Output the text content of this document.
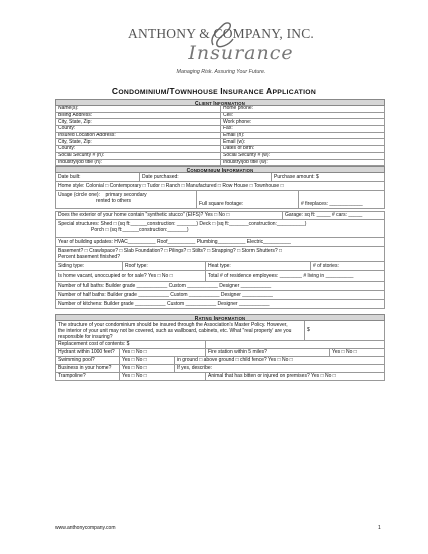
ANTHONY & COMPANY, INC.
Insurance
Managing Risk. Assuring Your Future.
CONDOMINIUM/TOWNHOUSE INSURANCE APPLICATION
CLIENT INFORMATION
Name(s):	Home phone:
Billing Address:	Cell:
City, State, Zip:	Work phone:
County:	Fax:
Insured Location Address:	Email (h):
City, State, Zip:	Email (w):
County:	Dates of birth:
Social Security # (h):	Social Security # (w):
Industry/job title (h):	Industry/job title (w):
CONDOMINIUM INFORMATION
Date built:	Date purchased:	Purchase amount: $
Home style: Colonial □ Contemporary □ Tudor □ Ranch □ Manufactured □ Row House □ Townhouse □
Usage (circle one): primary secondary
rented to others	Full square footage:	# fireplaces: ____________
Does the exterior of your home contain "synthetic stucco" (EIFS)? Yes □ No □	Garage: sq ft: _____ # cars: _____
Special structures: Shed □ (sq ft:______construction: _______) Deck □ (sq ft:_______construction:__________)
Porch □ (sq ft:______construction:_______)
Year of building updates: HVAC__________ Roof__________ Plumbing__________ Electric__________
Basement? □ Crawlspace? □ Slab Foundation? □ Pilings? □ Stilts? □ Strapping? □ Storm Shutters? □
Percent basement finished?
Siding type:	Roof type:	Heat type:	# of stories:
Is home vacant, unoccupied or for sale? Yes □ No □	Total # of residence employees: ________ # living in __________
Number of full baths: Builder grade ___________ Custom ___________ Designer ___________
Number of half baths: Builder grade ___________ Custom ___________ Designer ___________
Number of kitchens: Builder grade ___________ Custom ___________ Designer ___________
RATING INFORMATION
The structure of your condominium should be insured through the Association's Master Policy. However,
the interior of your unit may not be covered, such as wallboard, cabinets, etc. What "real property' are you
responsible for insuring?
$
Replacement cost of contents: $
Hydrant within 1000 feet?	Yes □ No □	Fire station within 5 miles?	Yes □ No □
Swimming pool?	Yes □ No □	in ground □ above ground □ child fence? Yes □ No □
Business in your home?	Yes □ No □	If yes, describe:
Trampoline?	Yes □ No □	Animal that has bitten or injured on premises? Yes □ No □
www.anthonycompany.com	1
